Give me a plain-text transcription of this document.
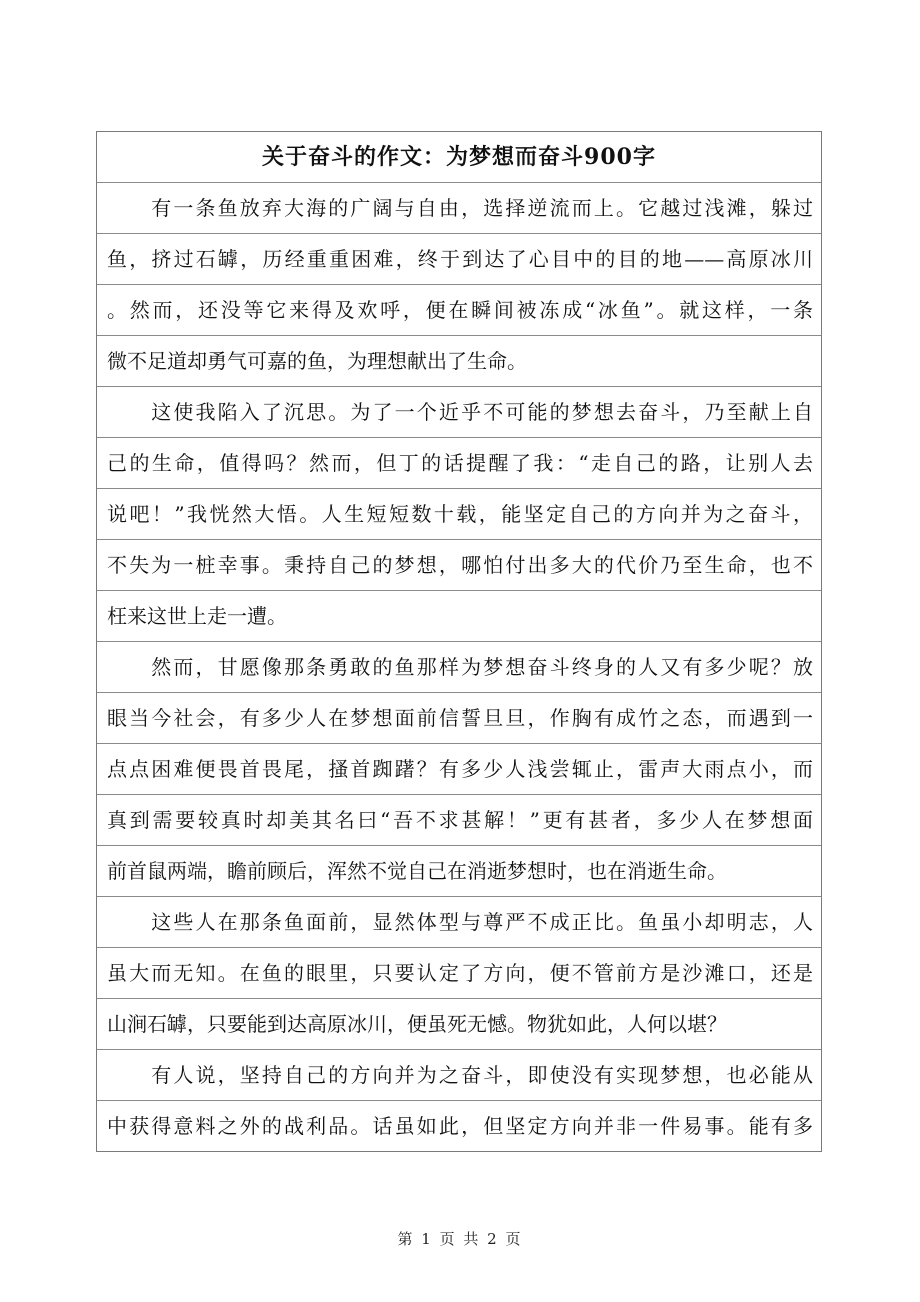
关于奋斗的作文：为梦想而奋斗900字
　　有一条鱼放弃大海的广阔与自由，选择逆流而上。它越过浅滩，躲过
鱼，挤过石罅，历经重重困难，终于到达了心目中的目的地——高原冰川
。然而，还没等它来得及欢呼，便在瞬间被冻成“冰鱼”。就这样，一条
微不足道却勇气可嘉的鱼，为理想献出了生命。
　　这使我陷入了沉思。为了一个近乎不可能的梦想去奋斗，乃至献上自
己的生命，值得吗？然而，但丁的话提醒了我：“走自己的路，让别人去
说吧！”我恍然大悟。人生短短数十载，能坚定自己的方向并为之奋斗，
不失为一桩幸事。秉持自己的梦想，哪怕付出多大的代价乃至生命，也不
枉来这世上走一遭。
　　然而，甘愿像那条勇敢的鱼那样为梦想奋斗终身的人又有多少呢？放
眼当今社会，有多少人在梦想面前信誓旦旦，作胸有成竹之态，而遇到一
点点困难便畏首畏尾，搔首踟躇？有多少人浅尝辄止，雷声大雨点小，而
真到需要较真时却美其名曰“吾不求甚解！”更有甚者，多少人在梦想面
前首鼠两端，瞻前顾后，浑然不觉自己在消逝梦想时，也在消逝生命。
　　这些人在那条鱼面前，显然体型与尊严不成正比。鱼虽小却明志，人
虽大而无知。在鱼的眼里，只要认定了方向，便不管前方是沙滩口，还是
山涧石罅，只要能到达高原冰川，便虽死无憾。物犹如此，人何以堪？
　　有人说，坚持自己的方向并为之奋斗，即使没有实现梦想，也必能从
中获得意料之外的战利品。话虽如此，但坚定方向并非一件易事。能有多
第 1 页 共 2 页
